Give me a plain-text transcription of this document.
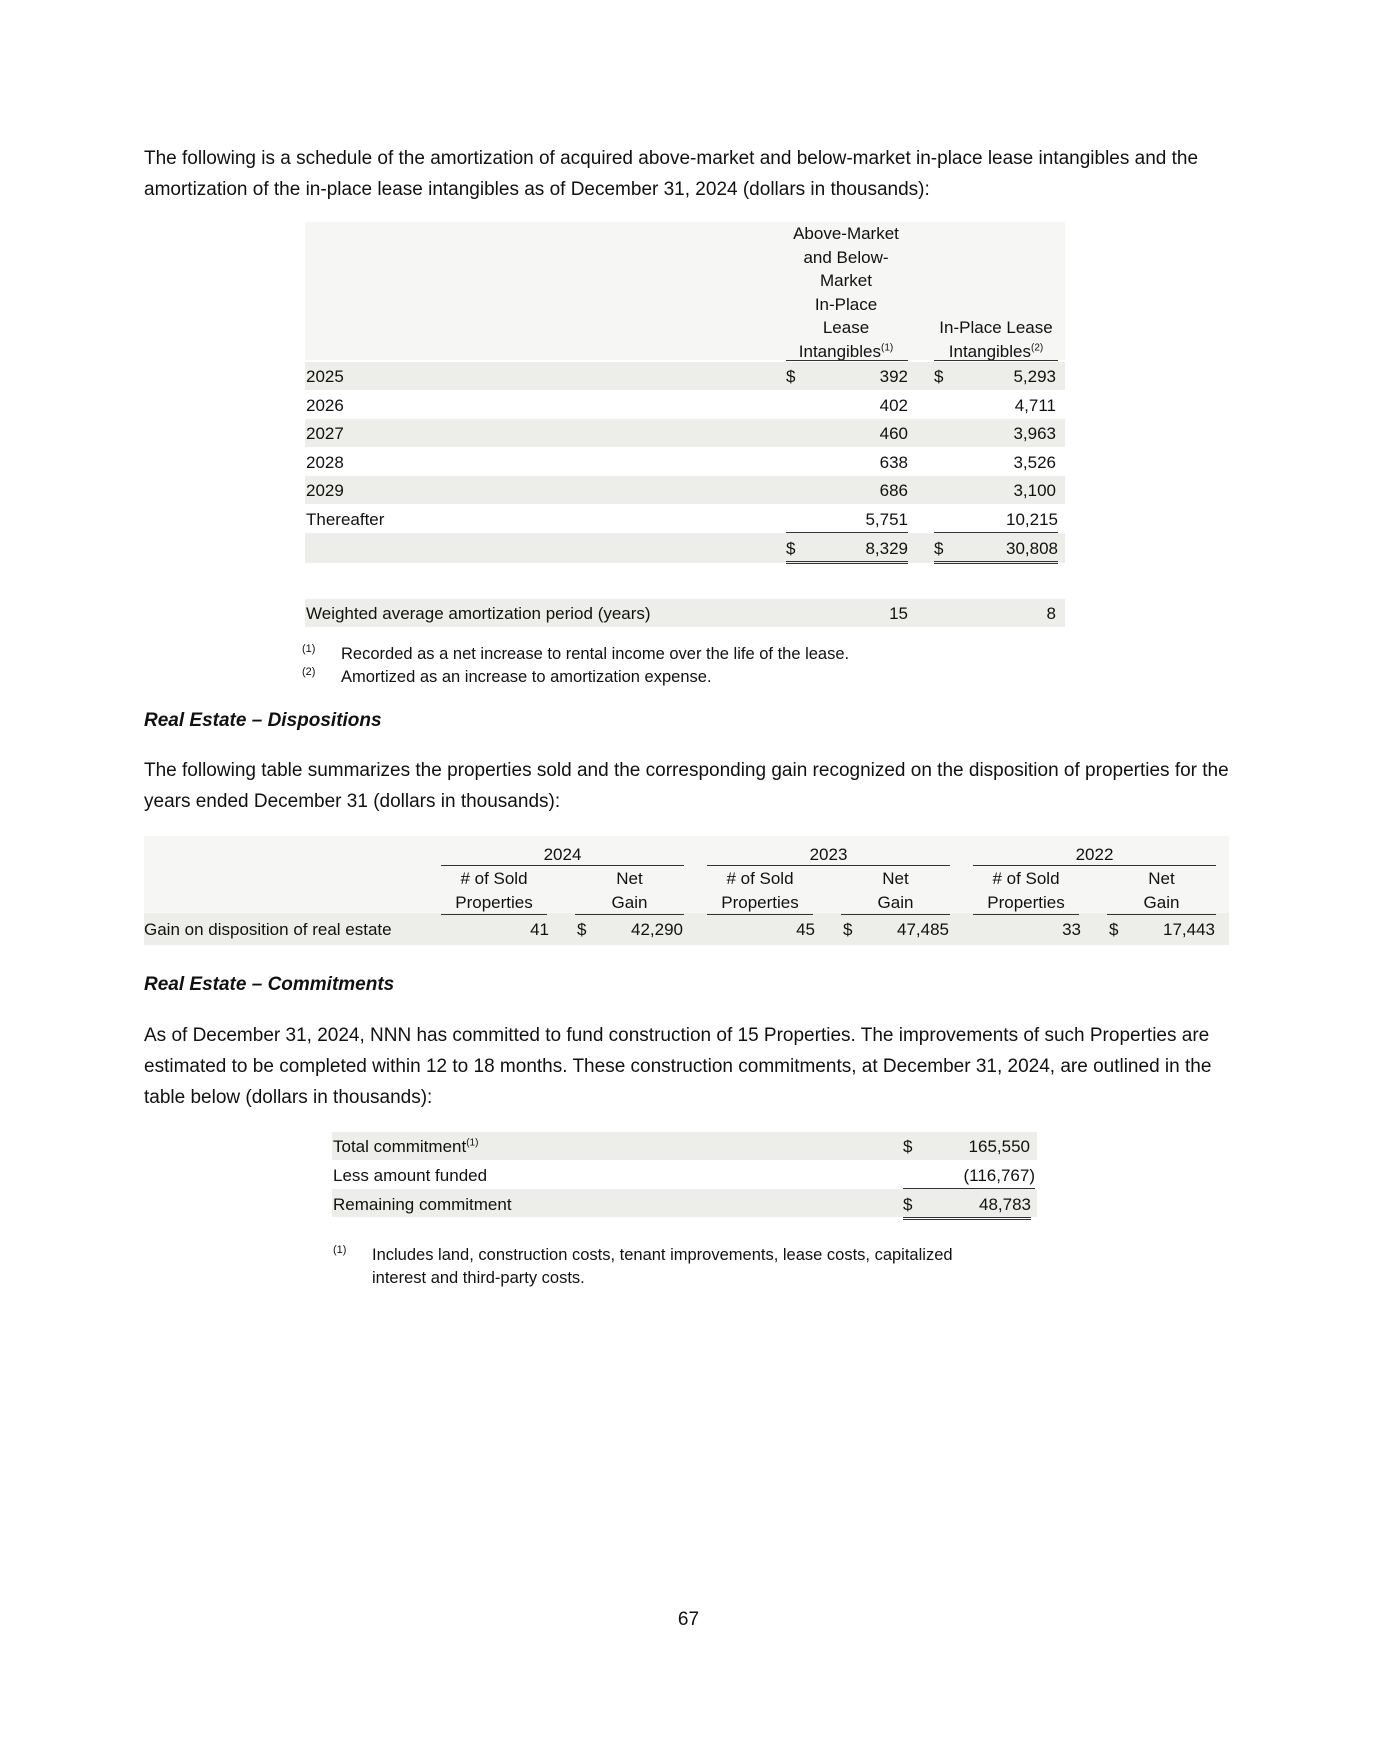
The following is a schedule of the amortization of acquired above-market and below-market in-place lease intangibles and the amortization of the in-place lease intangibles as of December 31, 2024 (dollars in thousands):
Above-Market
and Below-
Market
In-Place
Lease
Intangibles$^{(1)}$
In-Place Lease
Intangibles$^{(2)}$
2025	$	392 $	5,293
2026	402	4,711
2027	460	3,963
2028	638	3,526
2029	686	3,100
Thereafter	5,751	10,215
$	8,329 $	30,808
Weighted average amortization period (years)	15	8
(1) Recorded as a net increase to rental income over the life of the lease.
(2) Amortized as an increase to amortization expense.
Real Estate – Dispositions
The following table summarizes the properties sold and the corresponding gain recognized on the disposition of properties for the years ended December 31 (dollars in thousands):
2024	2023	2022
# of Sold
Properties
Net
Gain
# of Sold
Properties
Net
Gain
# of Sold
Properties
Net
Gain
Gain on disposition of real estate	41 $	42,290	45 $	47,485	33 $	17,443
Real Estate – Commitments
As of December 31, 2024, NNN has committed to fund construction of 15 Properties. The improvements of such Properties are estimated to be completed within 12 to 18 months. These construction commitments, at December 31, 2024, are outlined in the table below (dollars in thousands):
Total commitment$^{(1)}$	$	165,550
Less amount funded	(116,767)
Remaining commitment	$	48,783
(1) Includes land, construction costs, tenant improvements, lease costs, capitalized
interest and third-party costs.
67
